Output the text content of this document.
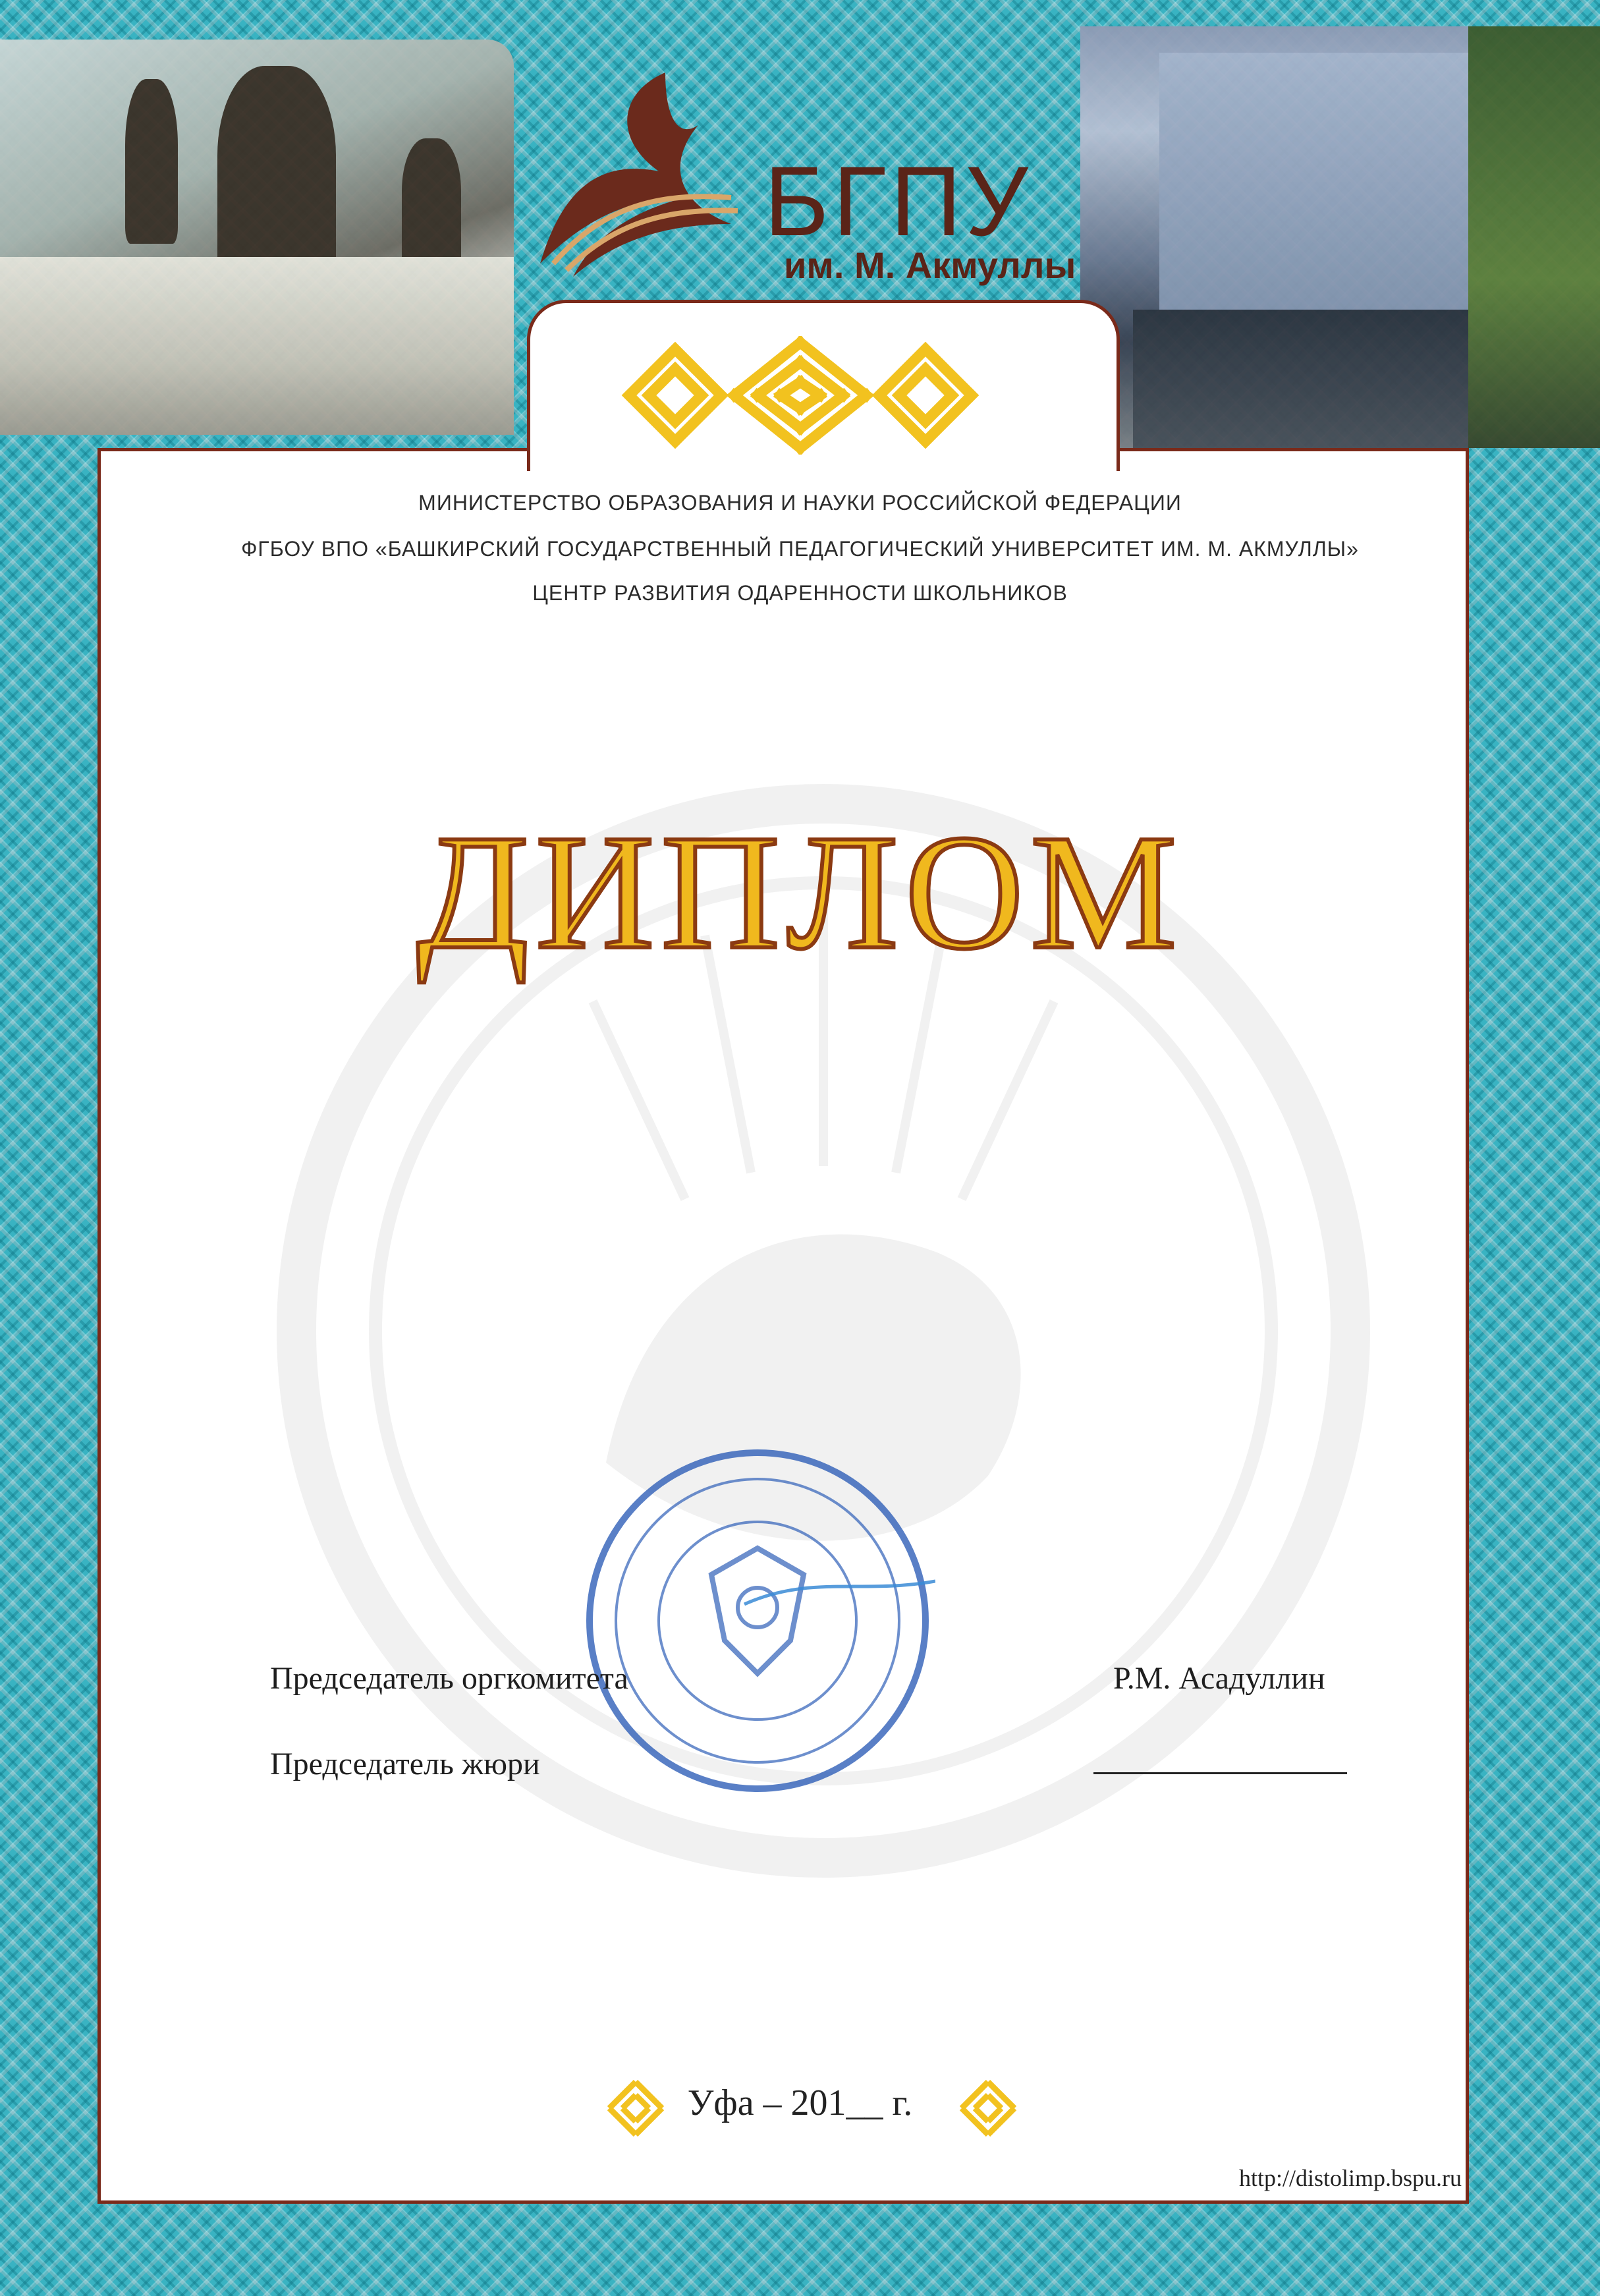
БГПУ
им. М. Акмуллы
МИНИСТЕРСТВО ОБРАЗОВАНИЯ И НАУКИ РОССИЙСКОЙ ФЕДЕРАЦИИ
ФГБОУ ВПО «БАШКИРСКИЙ ГОСУДАРСТВЕННЫЙ ПЕДАГОГИЧЕСКИЙ УНИВЕРСИТЕТ ИМ. М. АКМУЛЛЫ»
ЦЕНТР РАЗВИТИЯ ОДАРЕННОСТИ ШКОЛЬНИКОВ
ДИПЛОМ
Председатель оргкомитета	Р.М. Асадуллин
Председатель жюри
Уфа – 201__ г.
http://distolimp.bspu.ru
